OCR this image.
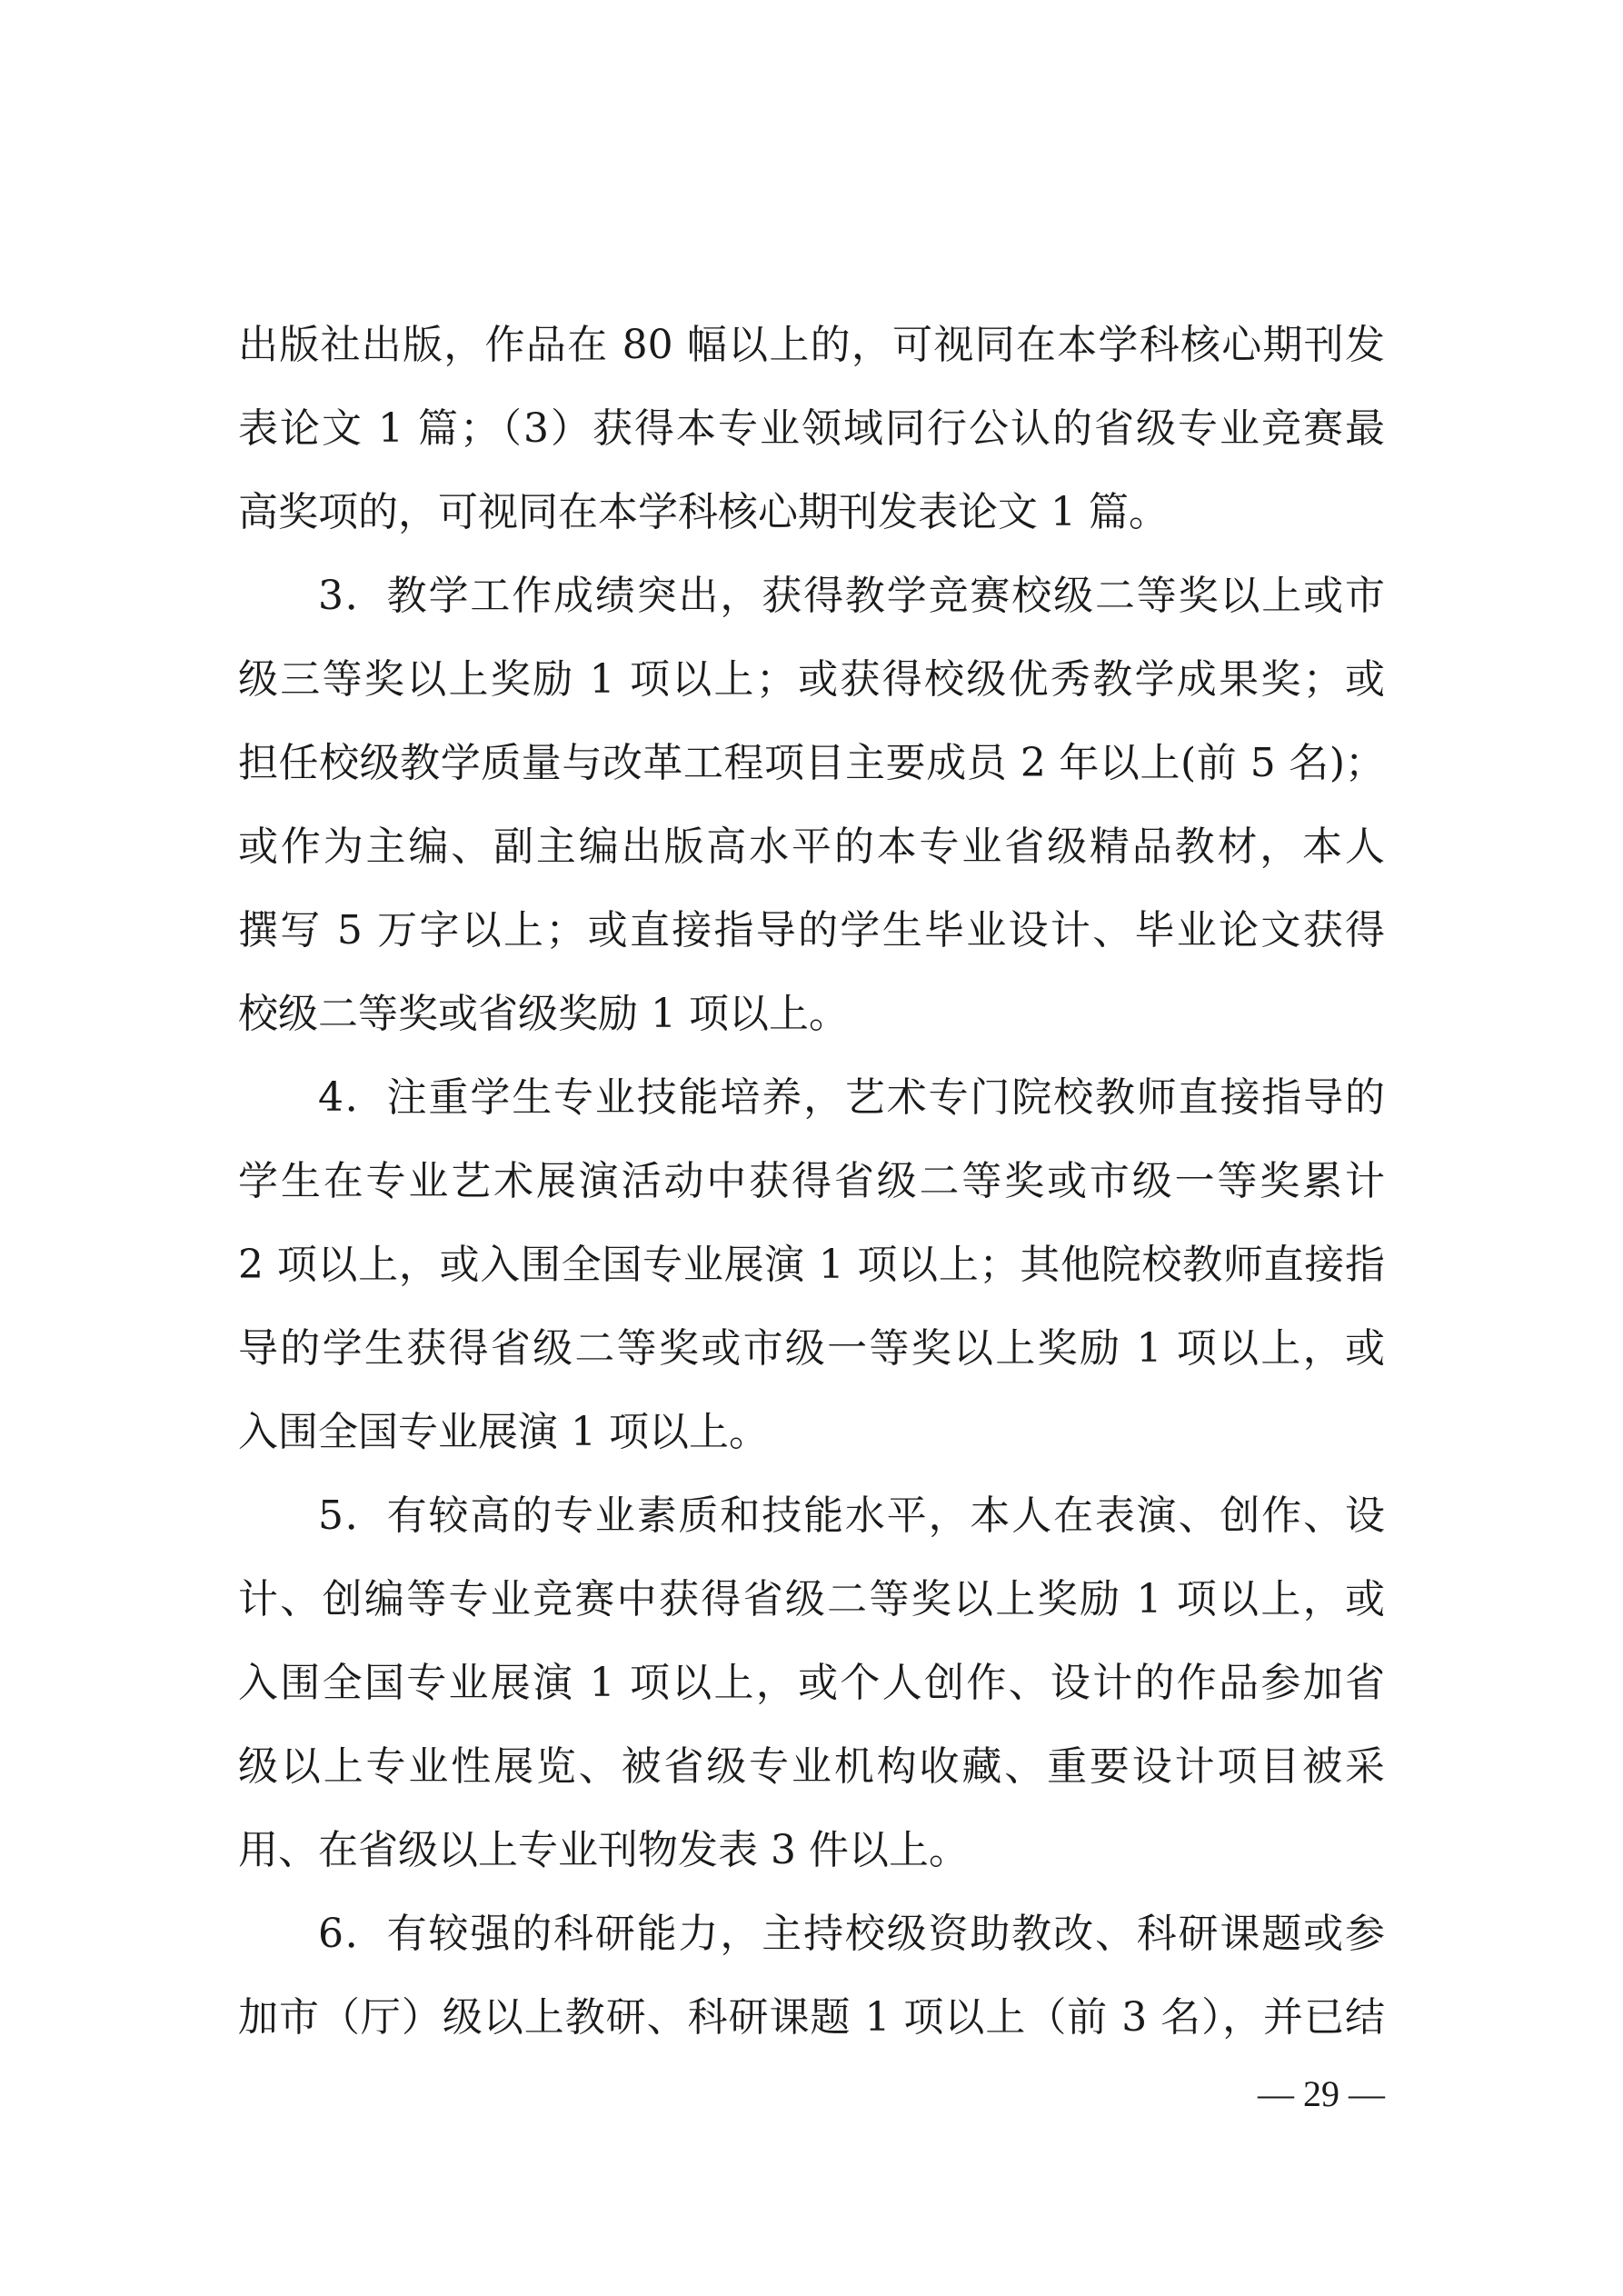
出版社出版，作品在 80 幅以上的，可视同在本学科核心期刊发
表论文 1 篇；（3）获得本专业领域同行公认的省级专业竞赛最
高奖项的，可视同在本学科核心期刊发表论文 1 篇。
3．教学工作成绩突出，获得教学竞赛校级二等奖以上或市
级三等奖以上奖励 1 项以上；或获得校级优秀教学成果奖；或
担任校级教学质量与改革工程项目主要成员 2 年以上(前 5 名)；
或作为主编、副主编出版高水平的本专业省级精品教材，本人
撰写 5 万字以上；或直接指导的学生毕业设计、毕业论文获得
校级二等奖或省级奖励 1 项以上。
4．注重学生专业技能培养，艺术专门院校教师直接指导的
学生在专业艺术展演活动中获得省级二等奖或市级一等奖累计
2 项以上，或入围全国专业展演 1 项以上；其他院校教师直接指
导的学生获得省级二等奖或市级一等奖以上奖励 1 项以上，或
入围全国专业展演 1 项以上。
5．有较高的专业素质和技能水平，本人在表演、创作、设
计、创编等专业竞赛中获得省级二等奖以上奖励 1 项以上，或
入围全国专业展演 1 项以上，或个人创作、设计的作品参加省
级以上专业性展览、被省级专业机构收藏、重要设计项目被采
用、在省级以上专业刊物发表 3 件以上。
6．有较强的科研能力，主持校级资助教改、科研课题或参
加市（厅）级以上教研、科研课题 1 项以上（前 3 名），并已结
— 29 —
